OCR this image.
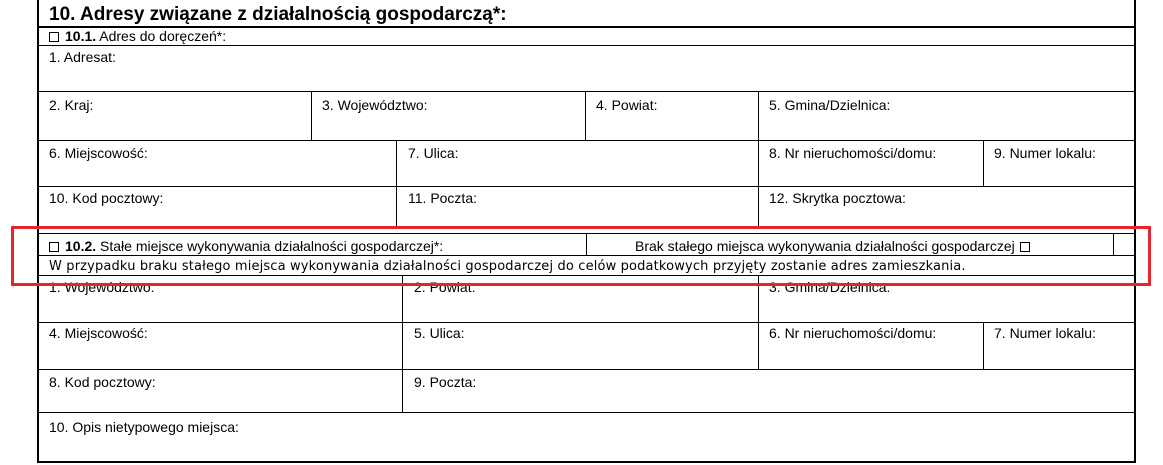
10. Adresy związane z działalnością gospodarczą*:
10.1. Adres do doręczeń*:
1. Adresat:
2. Kraj:	3. Województwo:	4. Powiat:	5. Gmina/Dzielnica:
6. Miejscowość:	7. Ulica:	8. Nr nieruchomości/domu:	9. Numer lokalu:
10. Kod pocztowy:	11. Poczta:	12. Skrytka pocztowa:
10.2. Stałe miejsce wykonywania działalności gospodarczej*:	Brak stałego miejsca wykonywania działalności gospodarczej
W przypadku braku stałego miejsca wykonywania działalności gospodarczej do celów podatkowych przyjęty zostanie adres zamieszkania.
1. Województwo:	2. Powiat:	3. Gmina/Dzielnica:
4. Miejscowość:	5. Ulica:	6. Nr nieruchomości/domu:	7. Numer lokalu:
8. Kod pocztowy:	9. Poczta:
10. Opis nietypowego miejsca:
